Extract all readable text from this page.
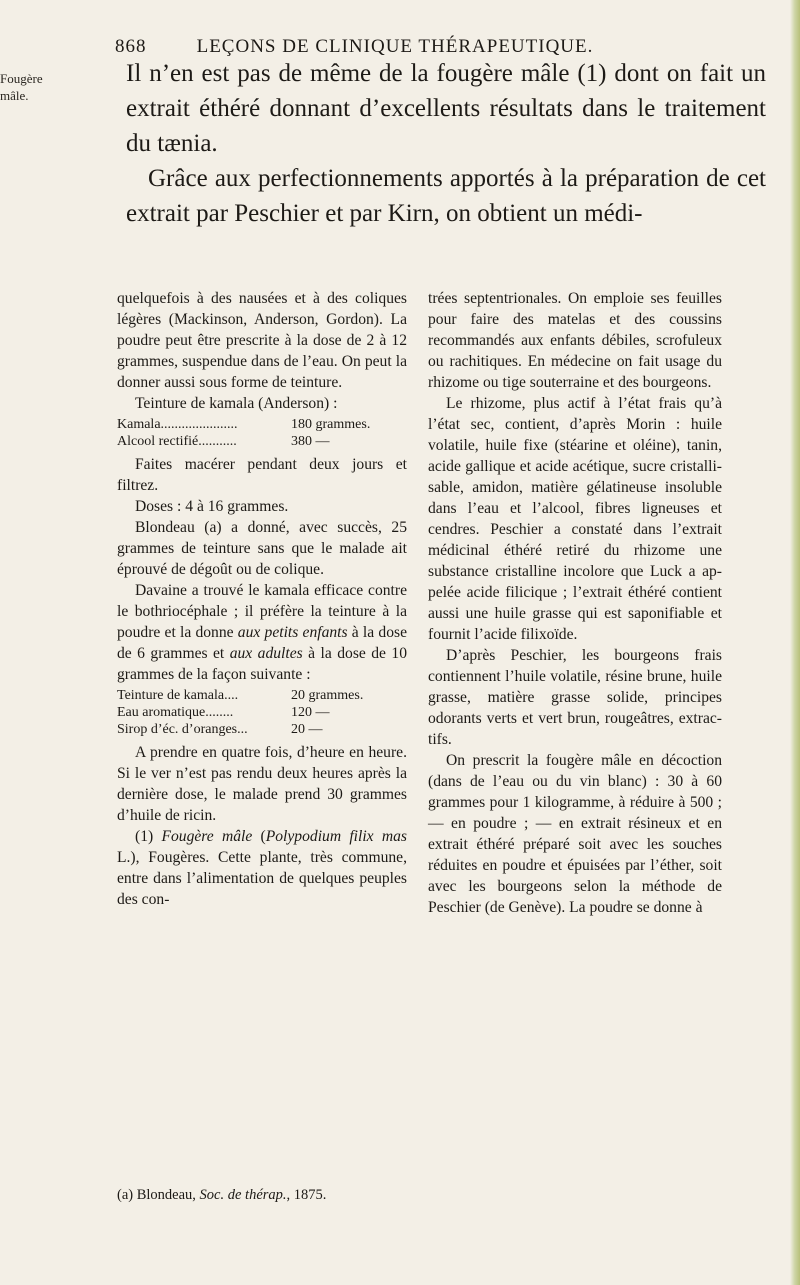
868	LEÇONS DE CLINIQUE THÉRAPEUTIQUE.
Fougère
mâle.

Il n’en est pas de même de la fougère mâle (1) dont on fait un extrait éthéré donnant d’excellents résultats dans le traitement du tænia.

Grâce aux perfectionnements apportés à la préparation de cet extrait par Peschier et par Kirn, on obtient un médi-

quelquefois à des nausées et à des coliques légères (Mackinson, Anderson, Gordon). La poudre peut être prescrite à la dose de 2 à 12 grammes, suspendue dans de l’eau. On peut la donner aussi sous forme de teinture.

Teinture de kamala (Anderson) :

Kamala......................	180 grammes.
Alcool rectifié...........	380 —

Faites macérer pendant deux jours et filtrez.

Doses : 4 à 16 grammes.

Blondeau (a) a donné, avec succès, 25 grammes de teinture sans que le malade ait éprouvé de dégoût ou de colique.

Davaine a trouvé le kamala efficace contre le bothriocéphale ; il préfère la teinture à la poudre et la donne aux petits enfants à la dose de 6 grammes et aux adultes à la dose de 10 grammes de la façon suivante :

Teinture de kamala....	20 grammes.
Eau aromatique........	120 —
Sirop d’éc. d’oranges...	20 —

A prendre en quatre fois, d’heure en heure. Si le ver n’est pas rendu deux heures après la dernière dose, le malade prend 30 grammes d’huile de ricin.

(1) Fougère mâle (Polypodium filix mas L.), Fougères. Cette plante, très commune, entre dans l’alimentation de quelques peuples des con-

trées septentrionales. On emploie ses feuilles pour faire des matelas et des coussins recommandés aux enfants débiles, scrofuleux ou rachitiques. En médecine on fait usage du rhizome ou tige souterraine et des bourgeons.

Le rhizome, plus actif à l’état frais qu’à l’état sec, contient, d’après Morin : huile volatile, huile fixe (stéarine et oléine), tanin, acide gallique et acide acétique, sucre cristallisable, amidon, matière gélatineuse insoluble dans l’eau et l’alcool, fibres ligneuses et cendres. Peschier a constaté dans l’extrait médicinal éthéré retiré du rhizome une substance cristalline incolore que Luck a appelée acide filicique ; l’extrait éthéré contient aussi une huile grasse qui est saponifiable et fournit l’acide filixoïde.

D’après Peschier, les bourgeons frais contiennent l’huile volatile, résine brune, huile grasse, matière grasse solide, principes odorants verts et vert brun, rougeâtres, extractifs.

On prescrit la fougère mâle en décoction (dans de l’eau ou du vin blanc) : 30 à 60 grammes pour 1 kilogramme, à réduire à 500 ; — en poudre ; — en extrait résineux et en extrait éthéré préparé soit avec les souches réduites en poudre et épuisées par l’éther, soit avec les bourgeons selon la méthode de Peschier (de Genève). La poudre se donne à

(a) Blondeau, Soc. de thérap., 1875.
